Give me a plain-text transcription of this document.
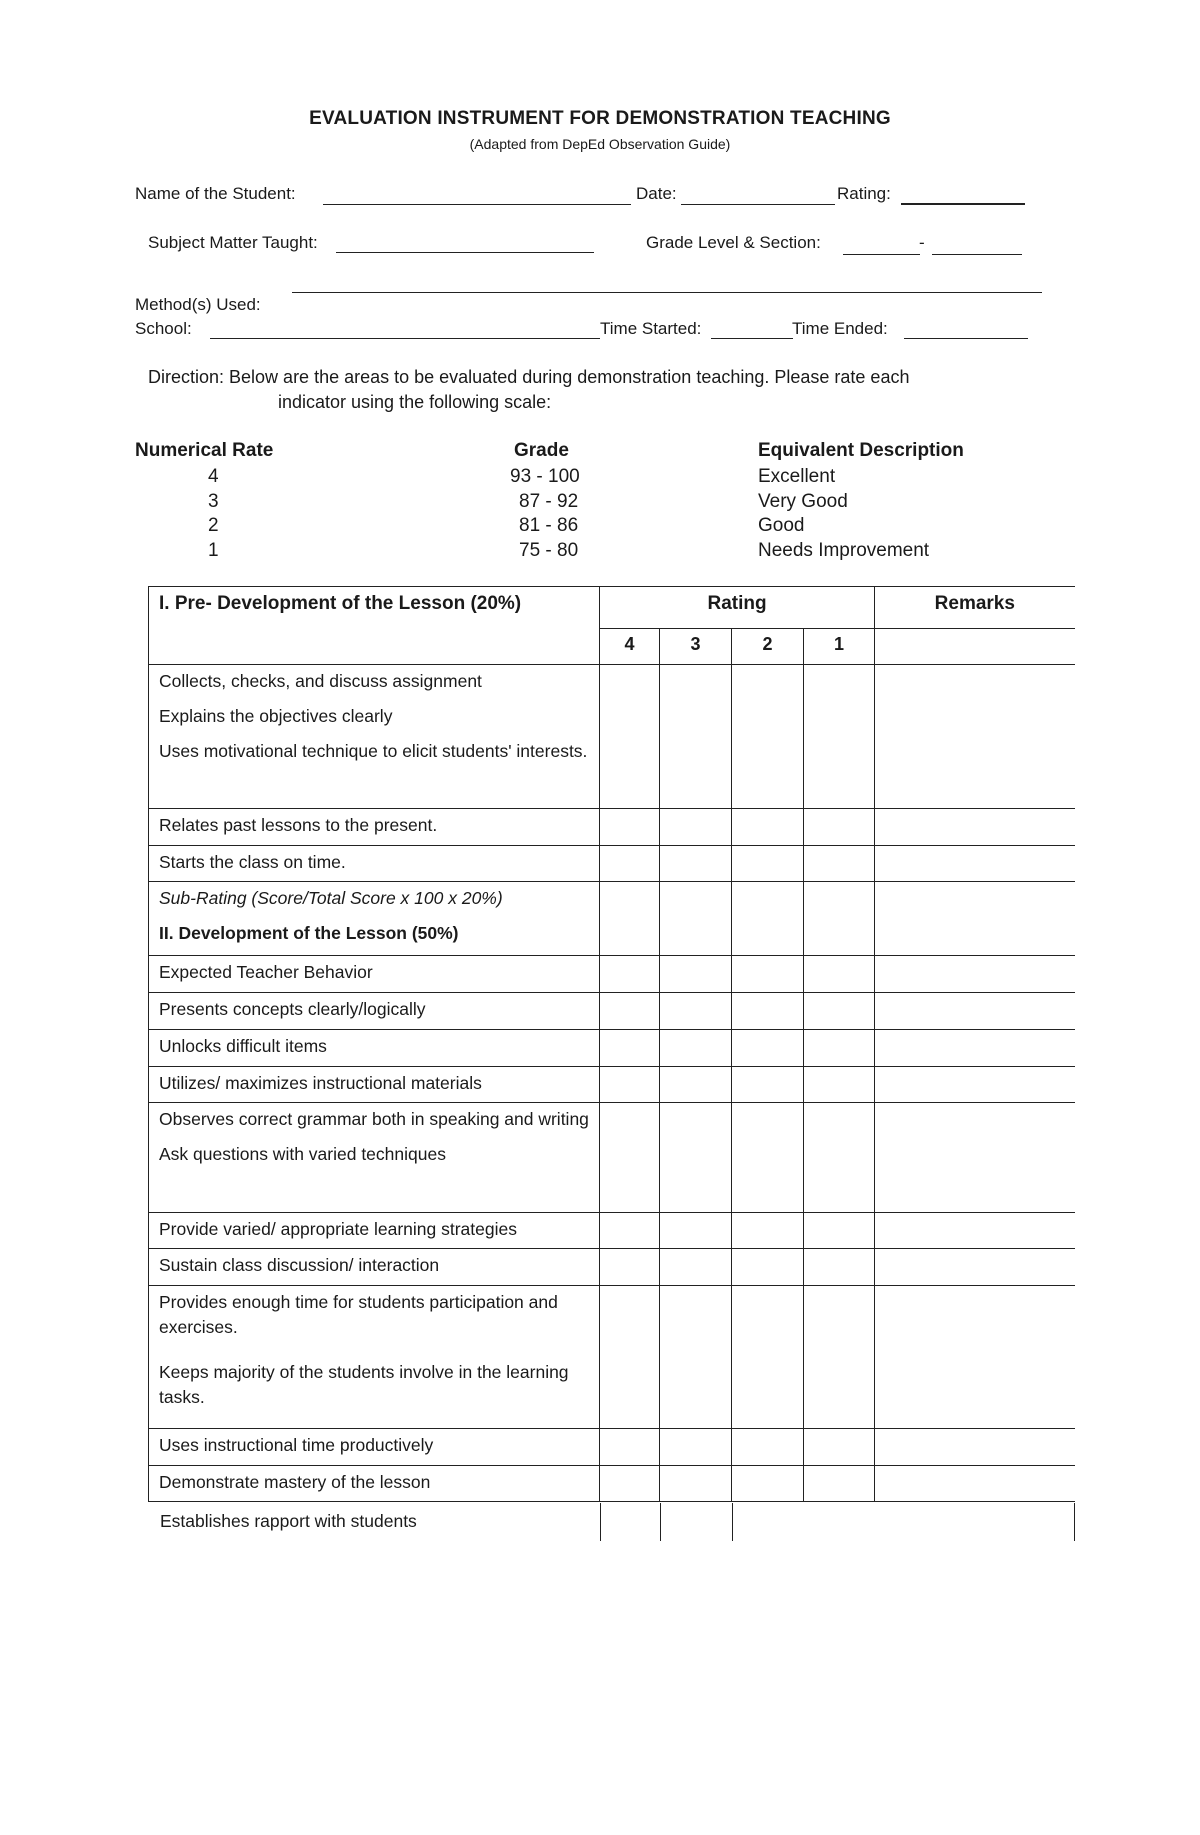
EVALUATION INSTRUMENT FOR DEMONSTRATION TEACHING
(Adapted from DepEd Observation Guide)
Name of the Student:	Date:	Rating:
Subject Matter Taught:	Grade Level & Section:	-
Method(s) Used:
School:	Time Started:	Time Ended:
Direction: Below are the areas to be evaluated during demonstration teaching. Please rate each
indicator using the following scale:
Numerical Rate	Grade	Equivalent Description
4	93 - 100	Excellent
3	87 - 92	Very Good
2	81 - 86	Good
1	75 - 80	Needs Improvement
I. Pre- Development of the Lesson (20%)	Rating				Remarks

	4	3	2	1	

Collects, checks, and discuss assignment
Explains the objectives clearly
Uses motivational technique to elicit students' interests.					

Relates past lessons to the present.					

Starts the class on time.					

Sub-Rating (Score/Total Score x 100 x 20%)
II. Development of the Lesson (50%)					

Expected Teacher Behavior					

Presents concepts clearly/logically					

Unlocks difficult items					

Utilizes/ maximizes instructional materials					

Observes correct grammar both in speaking and writing
Ask questions with varied techniques					

Provide varied/ appropriate learning strategies					

Sustain class discussion/ interaction					

Provides enough time for students participation and exercises.
Keeps majority of the students involve in the learning tasks.					

Uses instructional time productively					

Demonstrate mastery of the lesson					

Establishes rapport with students
